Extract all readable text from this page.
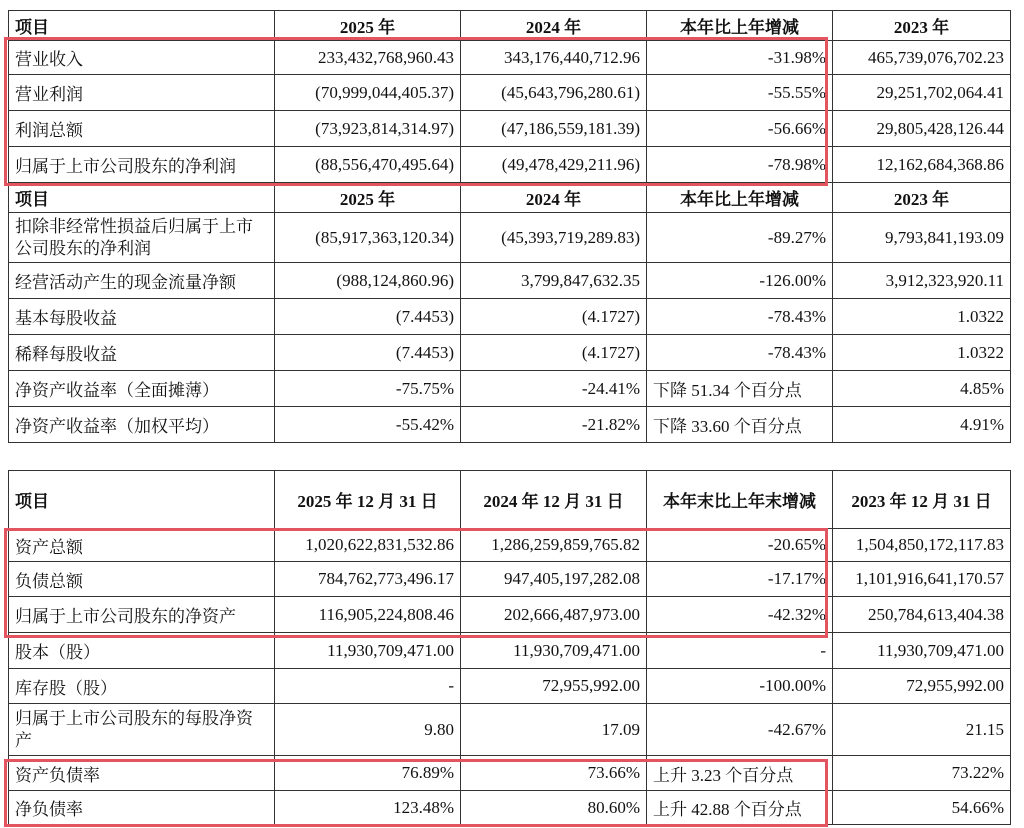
项目	2025 年	2024 年	本年比上年增减	2023 年
营业收入	233,432,768,960.43	343,176,440,712.96	-31.98%	465,739,076,702.23
营业利润	(70,999,044,405.37)	(45,643,796,280.61)	-55.55%	29,251,702,064.41
利润总额	(73,923,814,314.97)	(47,186,559,181.39)	-56.66%	29,805,428,126.44
归属于上市公司股东的净利润	(88,556,470,495.64)	(49,478,429,211.96)	-78.98%	12,162,684,368.86
项目	2025 年	2024 年	本年比上年增减	2023 年
扣除非经常性损益后归属于上市公司股东的净利润	(85,917,363,120.34)	(45,393,719,289.83)	-89.27%	9,793,841,193.09
经营活动产生的现金流量净额	(988,124,860.96)	3,799,847,632.35	-126.00%	3,912,323,920.11
基本每股收益	(7.4453)	(4.1727)	-78.43%	1.0322
稀释每股收益	(7.4453)	(4.1727)	-78.43%	1.0322
净资产收益率（全面摊薄）	-75.75%	-24.41%	下降 51.34 个百分点	4.85%
净资产收益率（加权平均）	-55.42%	-21.82%	下降 33.60 个百分点	4.91%
项目	2025 年 12 月 31 日	2024 年 12 月 31 日	本年末比上年末增减	2023 年 12 月 31 日
资产总额	1,020,622,831,532.86	1,286,259,859,765.82	-20.65%	1,504,850,172,117.83
负债总额	784,762,773,496.17	947,405,197,282.08	-17.17%	1,101,916,641,170.57
归属于上市公司股东的净资产	116,905,224,808.46	202,666,487,973.00	-42.32%	250,784,613,404.38
股本（股）	11,930,709,471.00	11,930,709,471.00	-	11,930,709,471.00
库存股（股）	-	72,955,992.00	-100.00%	72,955,992.00
归属于上市公司股东的每股净资产	9.80	17.09	-42.67%	21.15
资产负债率	76.89%	73.66%	上升 3.23 个百分点	73.22%
净负债率	123.48%	80.60%	上升 42.88 个百分点	54.66%
